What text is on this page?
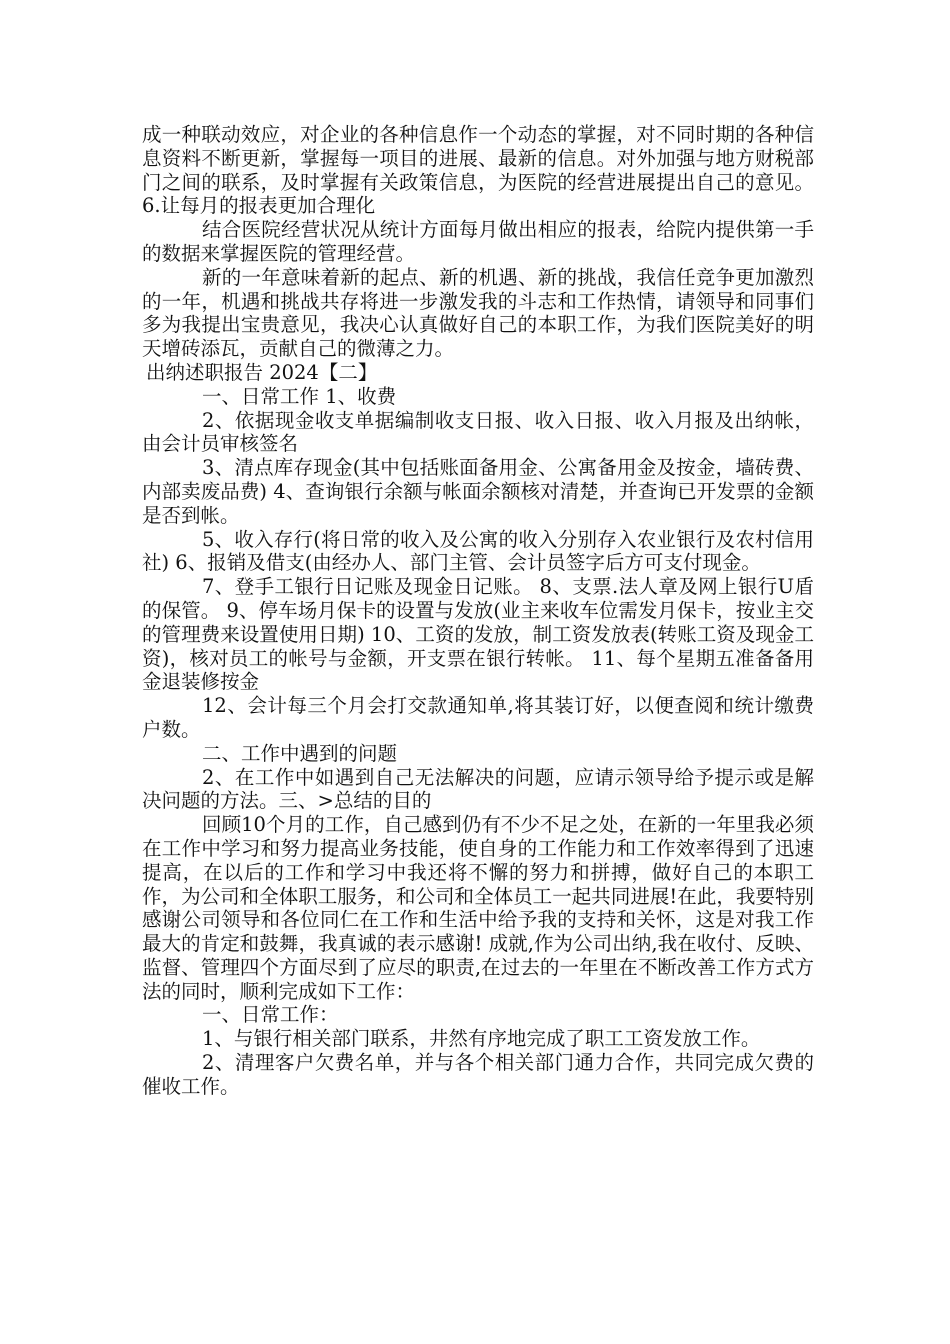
成一种联动效应，对企业的各种信息作一个动态的掌握，对不同时期的各种信息资料不断更新，掌握每一项目的进展、最新的信息。对外加强与地方财税部门之间的联系，及时掌握有关政策信息，为医院的经营进展提出自己的意见。 6.让每月的报表更加合理化

结合医院经营状况从统计方面每月做出相应的报表，给院内提供第一手的数据来掌握医院的管理经营。

新的一年意味着新的起点、新的机遇、新的挑战，我信任竞争更加激烈的一年，机遇和挑战共存将进一步激发我的斗志和工作热情，请领导和同事们多为我提出宝贵意见，我决心认真做好自己的本职工作，为我们医院美好的明天增砖添瓦，贡献自己的微薄之力。

出纳述职报告 2024【二】

一、日常工作 1、收费

2、依据现金收支单据编制收支日报、收入日报、收入月报及出纳帐，由会计员审核签名

3、清点库存现金(其中包括账面备用金、公寓备用金及按金，墙砖费、内部卖废品费) 4、查询银行余额与帐面余额核对清楚，并查询已开发票的金额是否到帐。

5、收入存行(将日常的收入及公寓的收入分别存入农业银行及农村信用社) 6、报销及借支(由经办人、部门主管、会计员签字后方可支付现金。

7、登手工银行日记账及现金日记账。 8、支票.法人章及网上银行U盾的保管。 9、停车场月保卡的设置与发放(业主来收车位需发月保卡，按业主交的管理费来设置使用日期) 10、工资的发放，制工资发放表(转账工资及现金工资)，核对员工的帐号与金额，开支票在银行转帐。 11、每个星期五准备备用金退装修按金

12、会计每三个月会打交款通知单,将其装订好，以便查阅和统计缴费户数。

二、工作中遇到的问题

2、在工作中如遇到自己无法解决的问题，应请示领导给予提示或是解决问题的方法。三、>总结的目的

回顾10个月的工作，自己感到仍有不少不足之处，在新的一年里我必须在工作中学习和努力提高业务技能，使自身的工作能力和工作效率得到了迅速提高，在以后的工作和学习中我还将不懈的努力和拼搏，做好自己的本职工作，为公司和全体职工服务，和公司和全体员工一起共同进展!在此，我要特别感谢公司领导和各位同仁在工作和生活中给予我的支持和关怀，这是对我工作最大的肯定和鼓舞，我真诚的表示感谢! 成就,作为公司出纳,我在收付、反映、监督、管理四个方面尽到了应尽的职责,在过去的一年里在不断改善工作方式方法的同时，顺利完成如下工作：

一、日常工作：

1、与银行相关部门联系，井然有序地完成了职工工资发放工作。

2、清理客户欠费名单，并与各个相关部门通力合作，共同完成欠费的催收工作。
